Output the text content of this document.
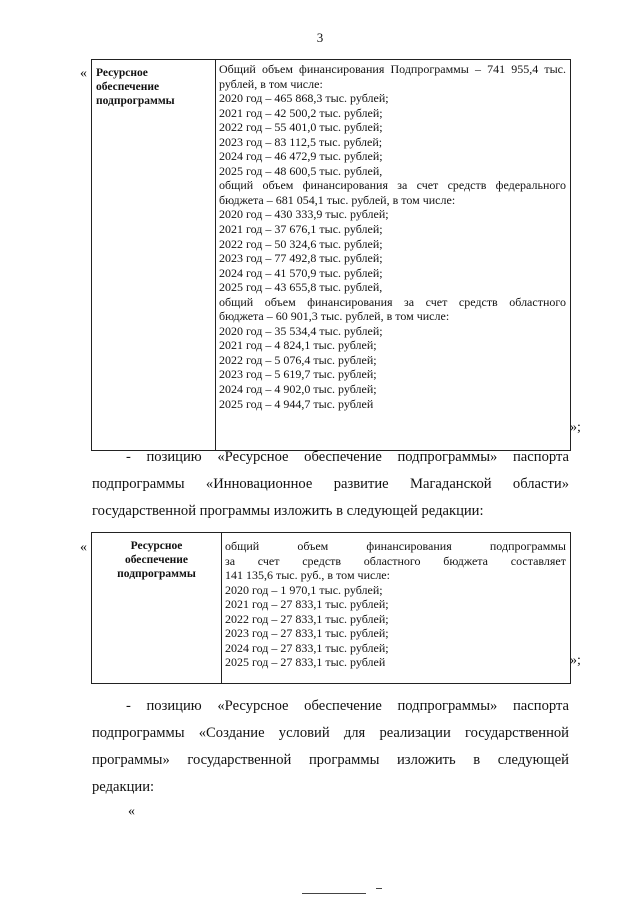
3
« Ресурсное
обеспечение
подпрограммы
Общий объем финансирования Подпрограммы – 741 955,4 тыс.
рублей, в том числе:
2020 год – 465 868,3 тыс. рублей;
2021 год – 42 500,2 тыс. рублей;
2022 год – 55 401,0 тыс. рублей;
2023 год – 83 112,5 тыс. рублей;
2024 год – 46 472,9 тыс. рублей;
2025 год – 48 600,5 тыс. рублей,
общий объем финансирования за счет средств федерального
бюджета – 681 054,1 тыс. рублей, в том числе:
2020 год – 430 333,9 тыс. рублей;
2021 год – 37 676,1 тыс. рублей;
2022 год – 50 324,6 тыс. рублей;
2023 год – 77 492,8 тыс. рублей;
2024 год – 41 570,9 тыс. рублей;
2025 год – 43 655,8 тыс. рублей,
общий объем финансирования за счет средств областного
бюджета – 60 901,3 тыс. рублей, в том числе:
2020 год – 35 534,4 тыс. рублей;
2021 год – 4 824,1 тыс. рублей;
2022 год – 5 076,4 тыс. рублей;
2023 год – 5 619,7 тыс. рублей;
2024 год – 4 902,0 тыс. рублей;
2025 год – 4 944,7 тыс. рублей
»;
- позицию «Ресурсное обеспечение подпрограммы» паспорта
подпрограммы «Инновационное развитие Магаданской области»
государственной программы изложить в следующей редакции:
«	Ресурсное
обеспечение
подпрограммы
общий объем финансирования подпрограммы
за счет средств областного бюджета составляет
141 135,6 тыс. руб., в том числе:
2020 год – 1 970,1 тыс. рублей;
2021 год – 27 833,1 тыс. рублей;
2022 год – 27 833,1 тыс. рублей;
2023 год – 27 833,1 тыс. рублей;
2024 год – 27 833,1 тыс. рублей;
2025 год – 27 833,1 тыс. рублей	»;
- позицию «Ресурсное обеспечение подпрограммы» паспорта
подпрограммы «Создание условий для реализации государственной
программы» государственной программы изложить в следующей
редакции:
«
